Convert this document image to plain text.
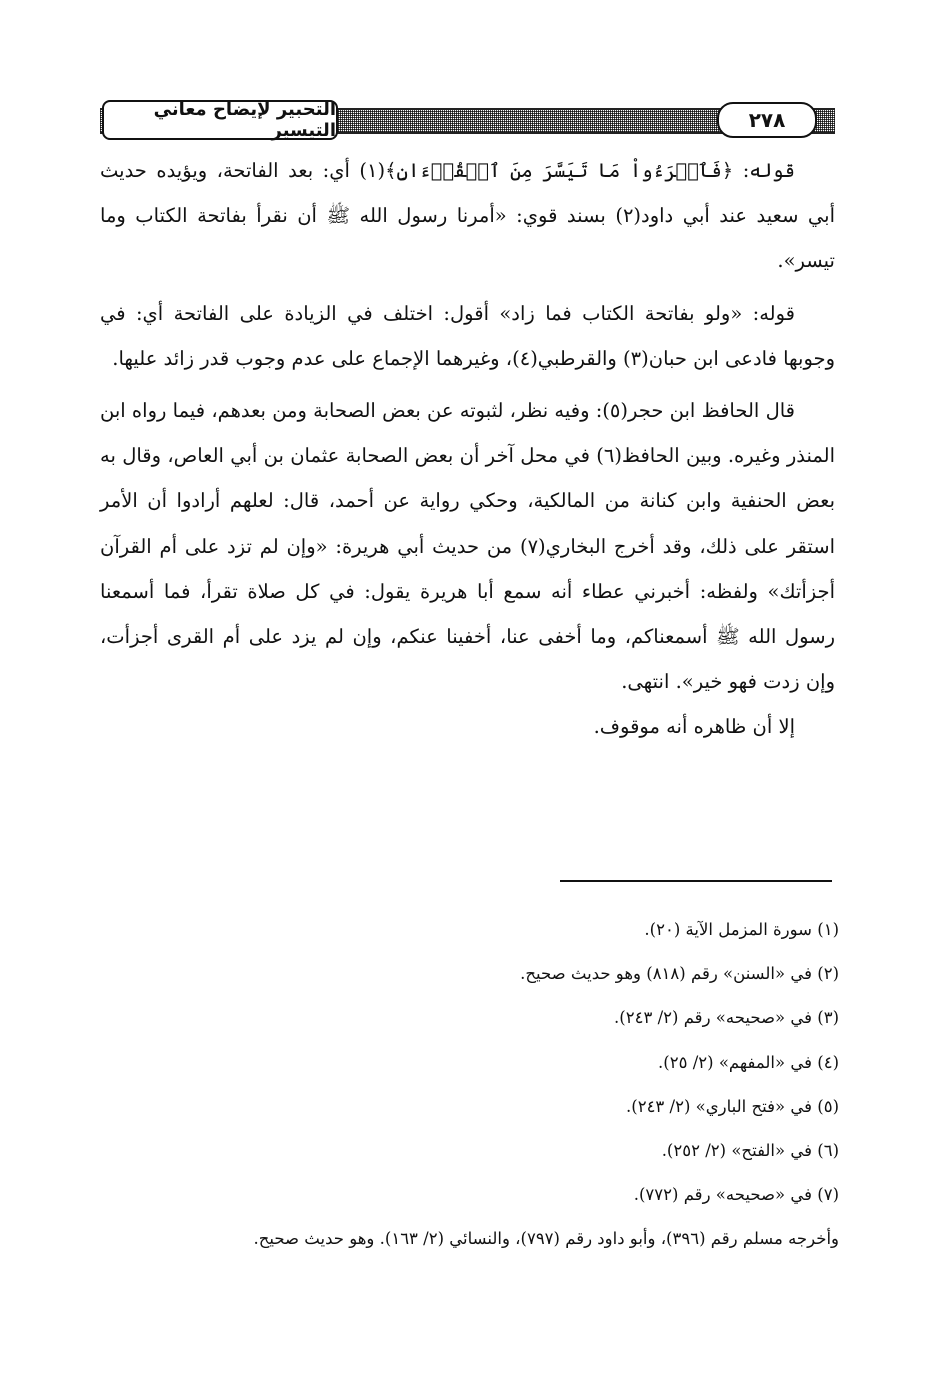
التحبير لإيضاح معاني التيسير	٢٧٨

قوله: ﴿فَٱقۡرَءُواْ مَا تَيَسَّرَ مِنَ ٱلۡقُرۡءَانِ﴾(١) أي: بعد الفاتحة، ويؤيده حديث أبي سعيد عند أبي داود(٢) بسند قوي: «أمرنا رسول الله ﷺ أن نقرأ بفاتحة الكتاب وما تيسر».

قوله: «ولو بفاتحة الكتاب فما زاد» أقول: اختلف في الزيادة على الفاتحة أي: في وجوبها فادعى ابن حبان(٣) والقرطبي(٤)، وغيرهما الإجماع على عدم وجوب قدر زائد عليها.

قال الحافظ ابن حجر(٥): وفيه نظر، لثبوته عن بعض الصحابة ومن بعدهم، فيما رواه ابن المنذر وغيره. وبين الحافظ(٦) في محل آخر أن بعض الصحابة عثمان بن أبي العاص، وقال به بعض الحنفية وابن كنانة من المالكية، وحكي رواية عن أحمد، قال: لعلهم أرادوا أن الأمر استقر على ذلك، وقد أخرج البخاري(٧) من حديث أبي هريرة: «وإن لم تزد على أم القرآن أجزأتك» ولفظه: أخبرني عطاء أنه سمع أبا هريرة يقول: في كل صلاة تقرأ، فما أسمعنا رسول الله ﷺ أسمعناكم، وما أخفى عنا، أخفينا عنكم، وإن لم يزد على أم القرى أجزأت، وإن زدت فهو خير». انتهى.

إلا أن ظاهره أنه موقوف.

(١) سورة المزمل الآية (٢٠).
(٢) في «السنن» رقم (٨١٨) وهو حديث صحيح.
(٣) في «صحيحه» رقم (٢/ ٢٤٣).
(٤) في «المفهم» (٢/ ٢٥).
(٥) في «فتح الباري» (٢/ ٢٤٣).
(٦) في «الفتح» (٢/ ٢٥٢).
(٧) في «صحيحه» رقم (٧٧٢).
وأخرجه مسلم رقم (٣٩٦)، وأبو داود رقم (٧٩٧)، والنسائي (٢/ ١٦٣). وهو حديث صحيح.
